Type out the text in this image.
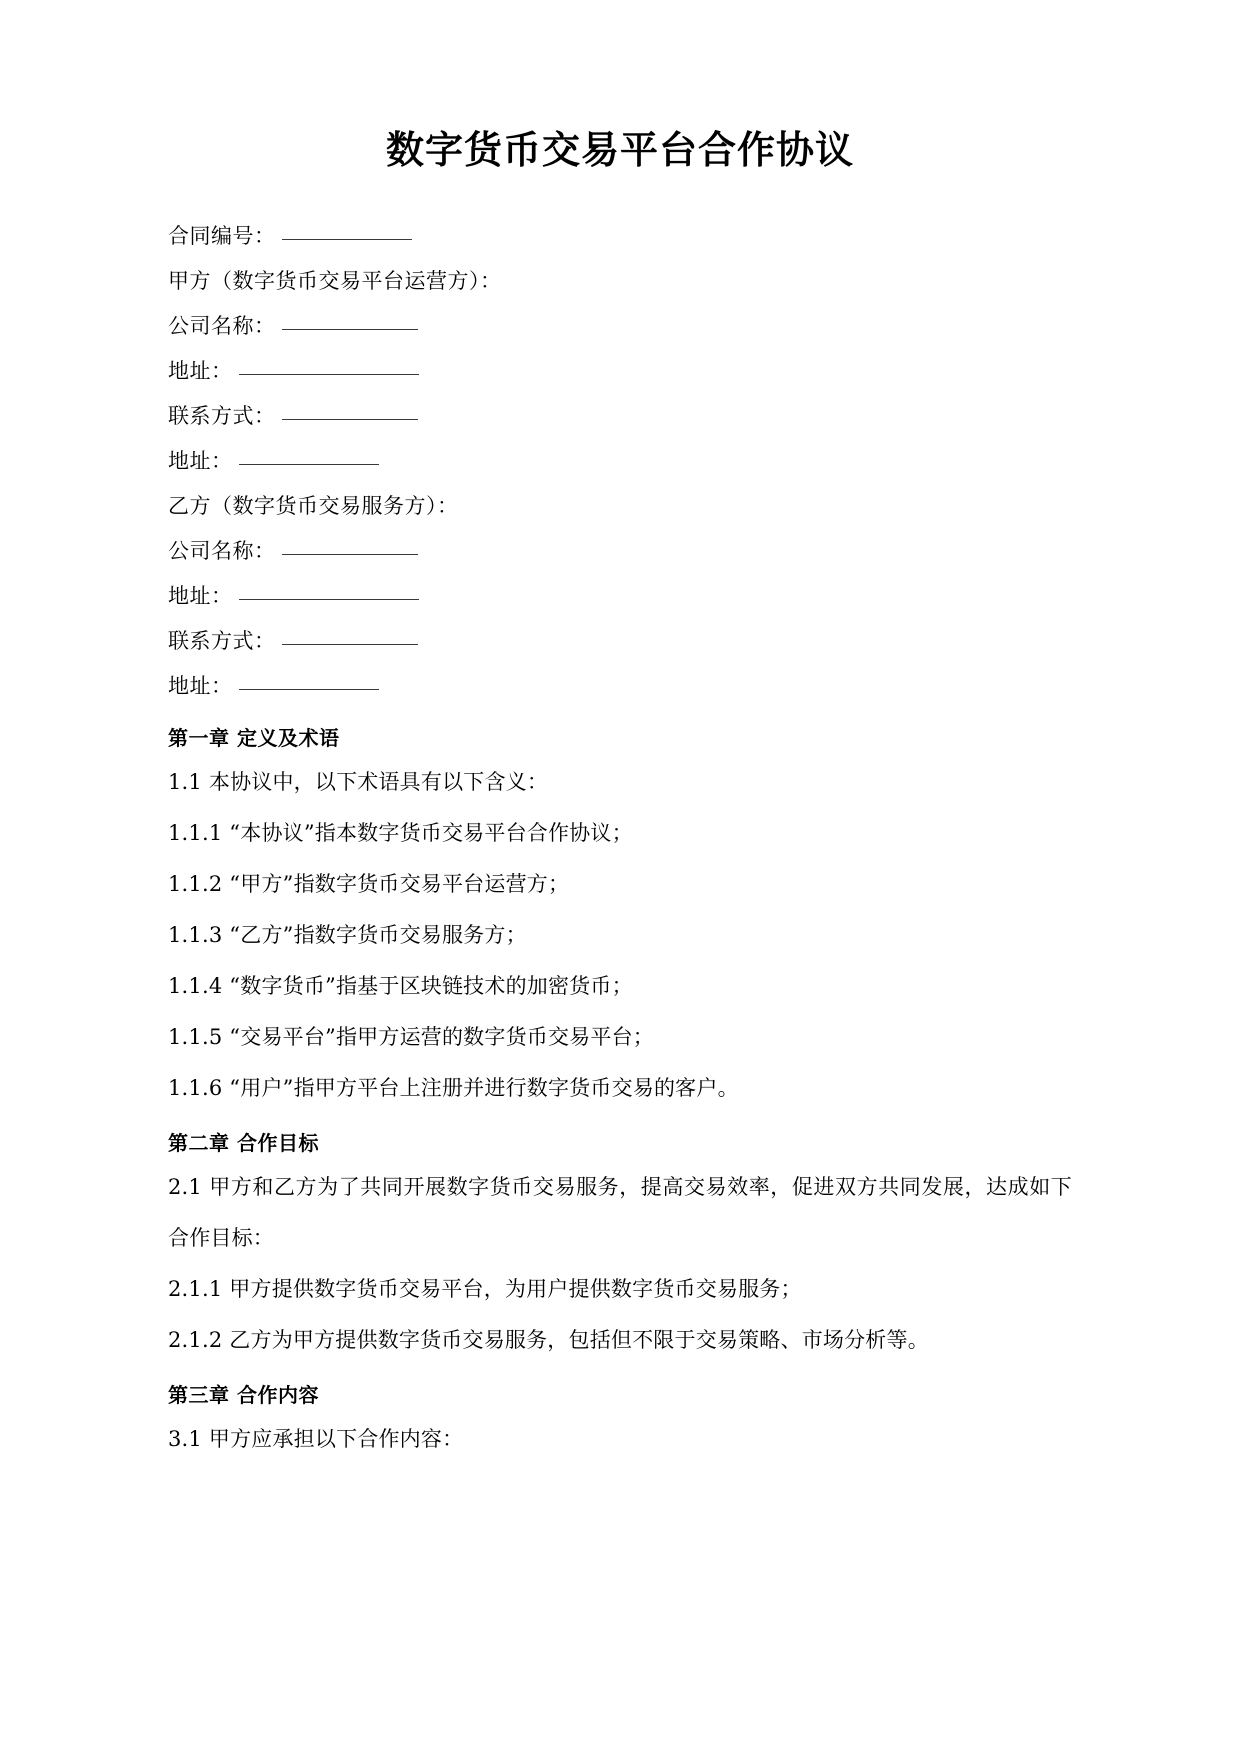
数字货币交易平台合作协议
合同编号：
甲方（数字货币交易平台运营方）：
公司名称：
地址：
联系方式：
地址：
乙方（数字货币交易服务方）：
公司名称：
地址：
联系方式：
地址：
第一章 定义及术语

1.1 本协议中，以下术语具有以下含义：

1.1.1 “本协议”指本数字货币交易平台合作协议；

1.1.2 “甲方”指数字货币交易平台运营方；

1.1.3 “乙方”指数字货币交易服务方；

1.1.4 “数字货币”指基于区块链技术的加密货币；

1.1.5 “交易平台”指甲方运营的数字货币交易平台；

1.1.6 “用户”指甲方平台上注册并进行数字货币交易的客户。

第二章 合作目标

2.1 甲方和乙方为了共同开展数字货币交易服务，提高交易效率，促进双方共同发展，达成如下合作目标：

2.1.1 甲方提供数字货币交易平台，为用户提供数字货币交易服务；

2.1.2 乙方为甲方提供数字货币交易服务，包括但不限于交易策略、市场分析等。

第三章 合作内容

3.1 甲方应承担以下合作内容：
